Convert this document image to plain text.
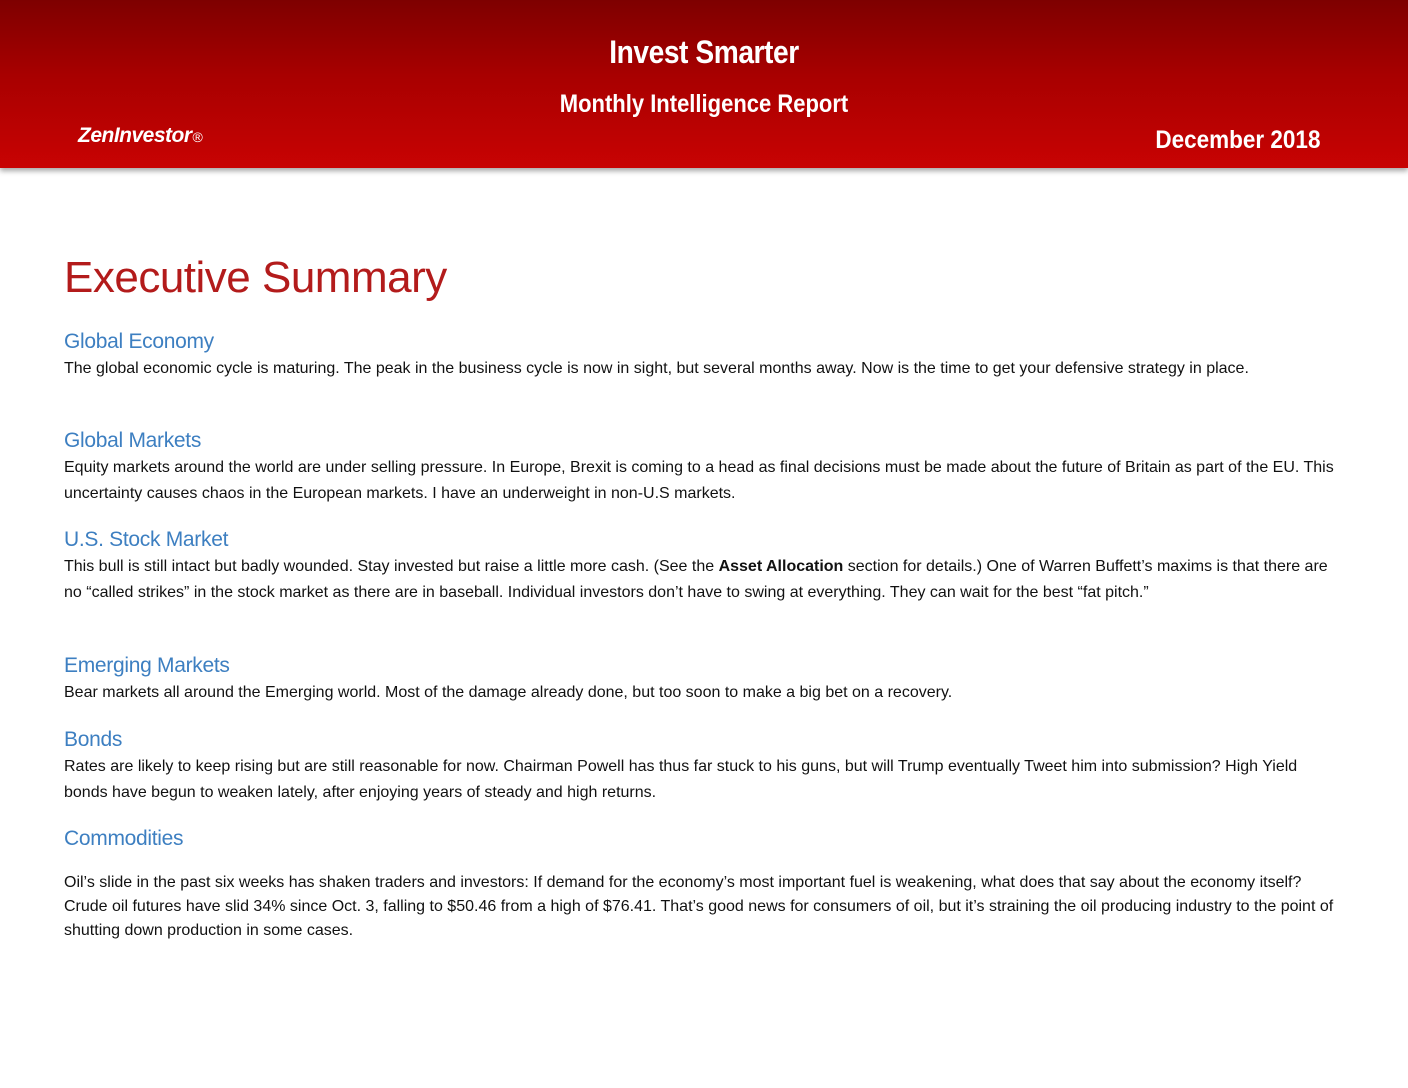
Invest Smarter
Monthly Intelligence Report
ZenInvestor®	December 2018
Executive Summary
Global Economy

The global economic cycle is maturing. The peak in the business cycle is now in sight, but several months away. Now is the time to get your defensive strategy in place.

Global Markets

Equity markets around the world are under selling pressure. In Europe, Brexit is coming to a head as final decisions must be made about the future of Britain as part of the EU. This uncertainty causes chaos in the European markets. I have an underweight in non-U.S markets.

U.S. Stock Market

This bull is still intact but badly wounded. Stay invested but raise a little more cash. (See the Asset Allocation section for details.) One of Warren Buffett’s maxims is that there are no “called strikes” in the stock market as there are in baseball. Individual investors don’t have to swing at everything. They can wait for the best “fat pitch.”

Emerging Markets

Bear markets all around the Emerging world. Most of the damage already done, but too soon to make a big bet on a recovery.

Bonds

Rates are likely to keep rising but are still reasonable for now. Chairman Powell has thus far stuck to his guns, but will Trump eventually Tweet him into submission? High Yield bonds have begun to weaken lately, after enjoying years of steady and high returns.

Commodities

Oil’s slide in the past six weeks has shaken traders and investors: If demand for the economy’s most important fuel is weakening, what does that say about the economy itself? Crude oil futures have slid 34% since Oct. 3, falling to $50.46 from a high of $76.41. That’s good news for consumers of oil, but it’s straining the oil producing industry to the point of shutting down production in some cases.
